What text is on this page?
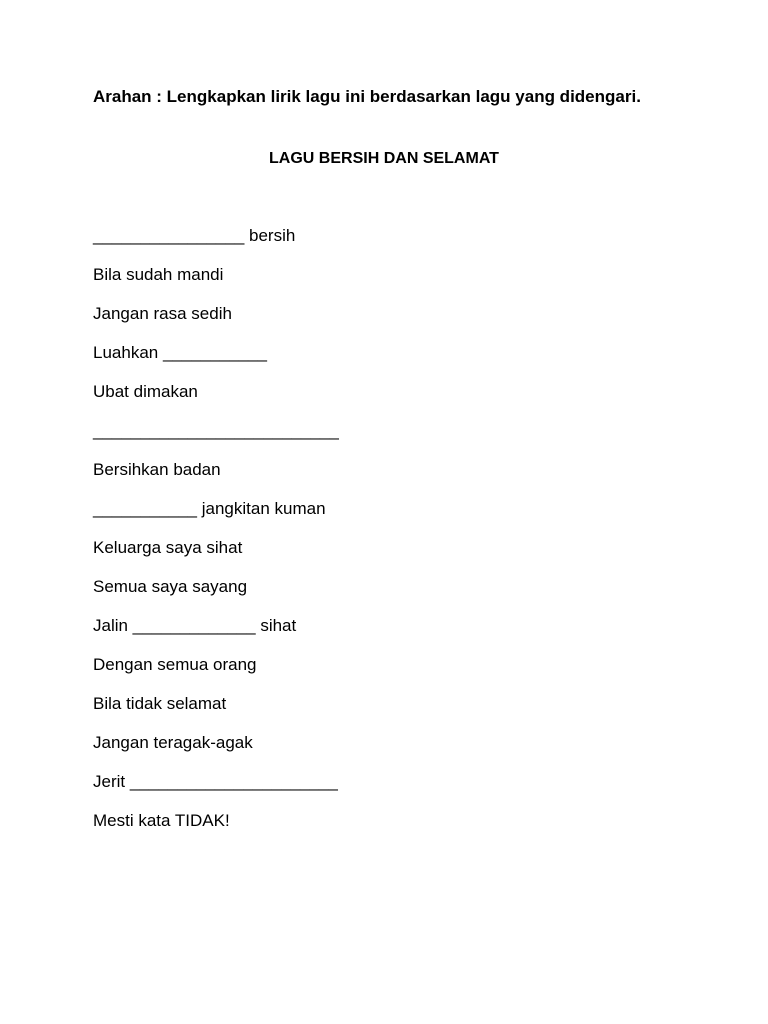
Arahan : Lengkapkan lirik lagu ini berdasarkan lagu yang didengari.
LAGU BERSIH DAN SELAMAT
________________ bersih
Bila sudah mandi
Jangan rasa sedih
Luahkan ___________
Ubat dimakan
__________________________
Bersihkan badan
___________ jangkitan kuman
Keluarga saya sihat
Semua saya sayang
Jalin _____________ sihat
Dengan semua orang
Bila tidak selamat
Jangan teragak-agak
Jerit ______________________
Mesti kata TIDAK!
